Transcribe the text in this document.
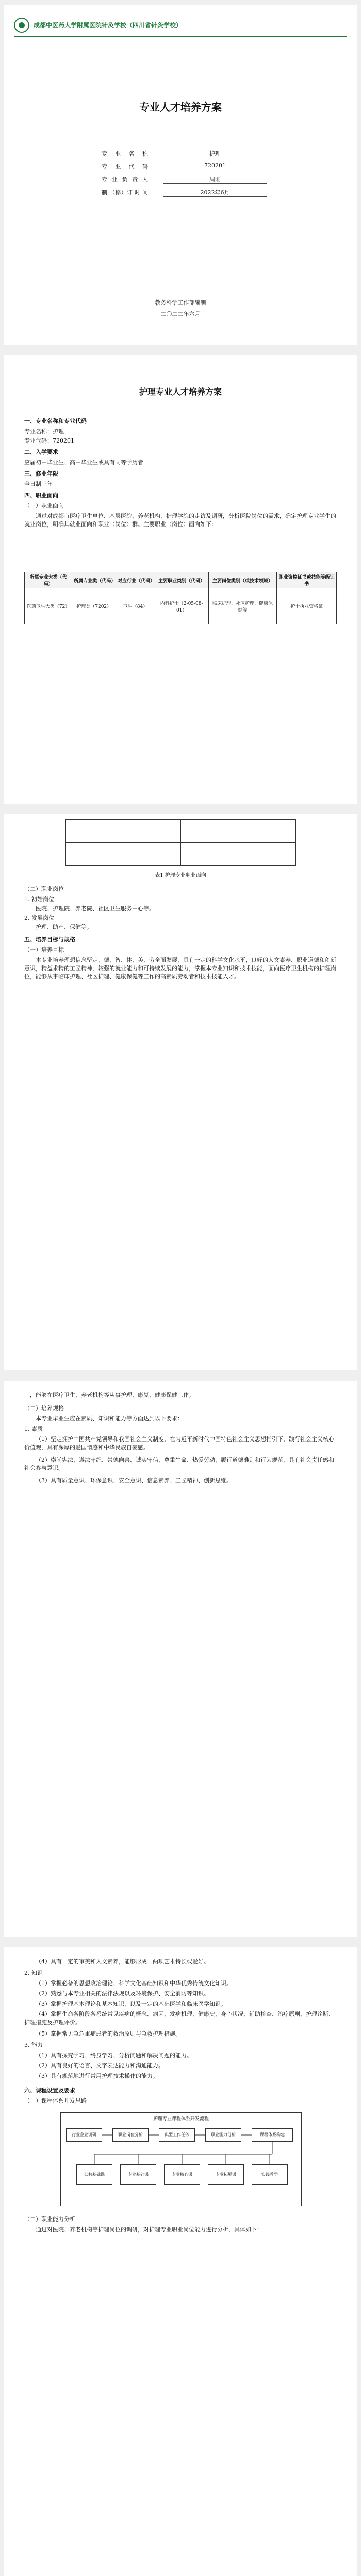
成都中医药大学附属医院针灸学校（四川省针灸学校）
专业人才培养方案
专 业 名 称	护理
专 业 代 码	720201
专 业 负 责 人	周刚
制 （修）订 时 间	2022年6月
教务科学工作部编制
二〇二二年六月
护理专业人才培养方案
一、专业名称和专业代码
专业名称：护理
专业代码：720201
二、入学要求
应届初中毕业生、高中毕业生或具有同等学历者
三、修业年限
全日制三年
四、职业面向
（一）职业面向
通过对成都市医疗卫生单位、基层医院、养老机构、护理学院的走访及调研，分析医院岗位的需求，确定护理专业学生的就业岗位，明确其就业面向和职业（岗位）群。主要职业（岗位）面向如下：
所属专业大类（代码）	所属专业类（代码）	对应行业（代码）	主要职业类别（代码）	主要岗位类别（或技术领域）	职业资格证书或技能等级证书
医药卫生大类（72）	护理类（7202）	卫生（84）	内科护士（2-05-08-01）	临床护理、社区护理、健康保健等	护士执业资格证

表1 护理专业职业面向
（二）职业岗位
1. 初始岗位
医院、护理院、养老院、社区卫生服务中心等。
2. 发展岗位
护理、助产、保健等。
五、培养目标与规格
（一）培养目标
本专业培养理想信念坚定，德、智、体、美、劳全面发展，具有一定的科学文化水平，良好的人文素养、职业道德和创新意识，精益求精的工匠精神，较强的就业能力和可持续发展的能力，掌握本专业知识和技术技能，面向医疗卫生机构的护理岗位，能够从事临床护理、社区护理、健康保健等工作的高素质劳动者和技术技能人才。
工，能够在医疗卫生、养老机构等从事护理、康复、健康保健工作。
（二）培养规格
本专业毕业生应在素质、知识和能力等方面达到以下要求：
1. 素质
（1）坚定拥护中国共产党领导和我国社会主义制度，在习近平新时代中国特色社会主义思想指引下，践行社会主义核心价值观，具有深厚的爱国情感和中华民族自豪感。
（2）崇尚宪法、遵法守纪、崇德向善、诚实守信、尊重生命、热爱劳动，履行道德准则和行为规范，具有社会责任感和社会参与意识。
（3）具有质量意识、环保意识、安全意识、信息素养、工匠精神、创新思维。
（4）具有一定的审美和人文素养，能够形成一两项艺术特长或爱好。
2. 知识
（1）掌握必备的思想政治理论、科学文化基础知识和中华优秀传统文化知识。
（2）熟悉与本专业相关的法律法规以及环境保护、安全消防等知识。
（3）掌握护理基本理论和基本知识，以及一定的基础医学和临床医学知识。
（4）掌握生命各阶段各系统常见疾病的概念、病因、发病机理、健康史、身心状况、辅助检查、治疗原则、护理诊断、护理措施及护理评价。
（5）掌握常见急危重症患者的救治原则与急救护理措施。
3. 能力
（1）具有探究学习、终身学习、分析问题和解决问题的能力。
（2）具有良好的语言、文字表达能力和沟通能力。
（3）具有规范地进行常用护理技术操作的能力。
六、课程设置及要求
（一）课程体系开发思路
护理专业课程体系开发流程
行业企业调研	职业岗位分析	典型工作任务	职业能力分析	课程体系构建
公共基础课	专业基础课	专业核心课	专业拓展课	实践教学
（二）职业能力分析
通过对医院、养老机构等护理岗位的调研，对护理专业职业岗位能力进行分析，具体如下：
